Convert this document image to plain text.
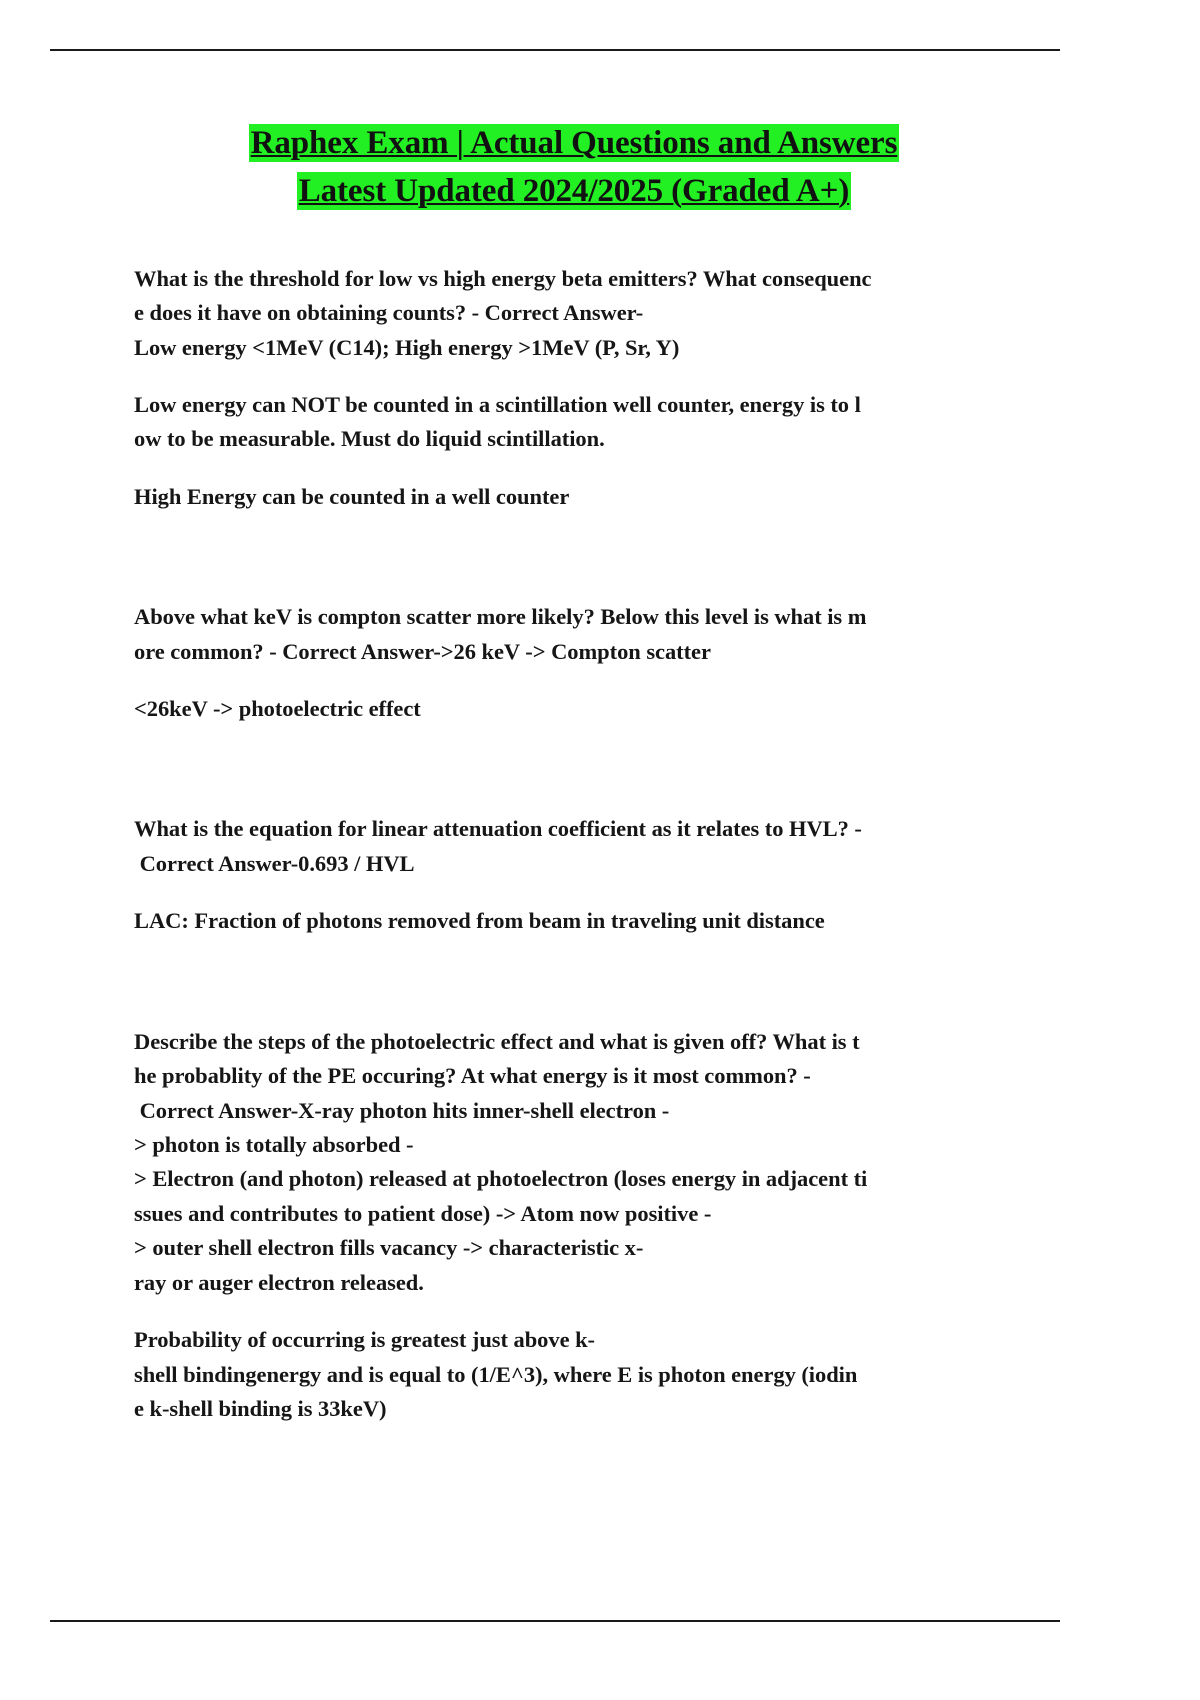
Raphex Exam | Actual Questions and Answers
Latest Updated 2024/2025 (Graded A+)
What is the threshold for low vs high energy beta emitters? What consequenc
e does it have on obtaining counts? - Correct Answer-
Low energy <1MeV (C14); High energy >1MeV (P, Sr, Y)
Low energy can NOT be counted in a scintillation well counter, energy is to l
ow to be measurable. Must do liquid scintillation.
High Energy can be counted in a well counter
Above what keV is compton scatter more likely? Below this level is what is m
ore common? - Correct Answer->26 keV -> Compton scatter
<26keV -> photoelectric effect
What is the equation for linear attenuation coefficient as it relates to HVL? -
Correct Answer-0.693 / HVL
LAC: Fraction of photons removed from beam in traveling unit distance
Describe the steps of the photoelectric effect and what is given off? What is t
he probablity of the PE occuring? At what energy is it most common? -
Correct Answer-X-ray photon hits inner-shell electron -
> photon is totally absorbed -
> Electron (and photon) released at photoelectron (loses energy in adjacent ti
ssues and contributes to patient dose) -> Atom now positive -
> outer shell electron fills vacancy -> characteristic x-
ray or auger electron released.
Probability of occurring is greatest just above k-
shell bindingenergy and is equal to (1/E^3), where E is photon energy (iodin
e k-shell binding is 33keV)
